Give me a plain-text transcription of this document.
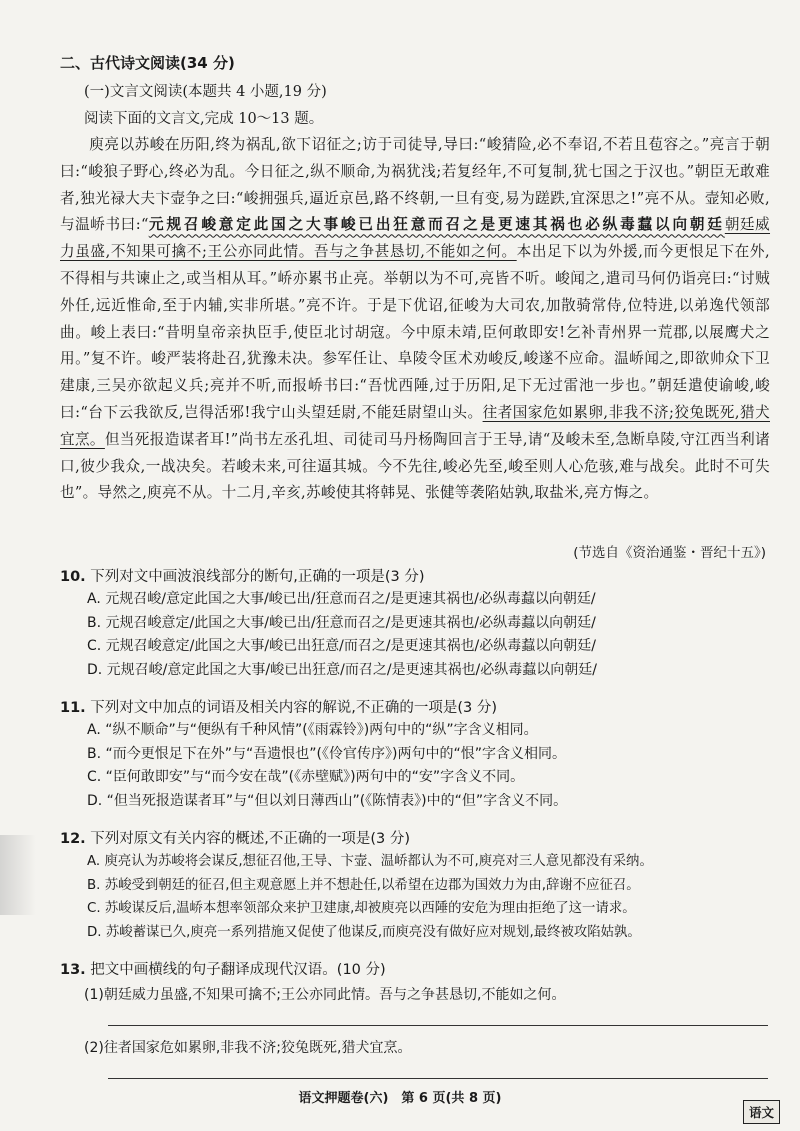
二、古代诗文阅读(34 分)
(一)文言文阅读(本题共 4 小题,19 分)
阅读下面的文言文,完成 10～13 题。

庾亮以苏峻在历阳,终为祸乱,欲下诏征之;访于司徒导,导曰:“峻猜险,必不奉诏,不若且苞容之。”亮言于朝曰:“峻狼子野心,终必为乱。今日征之,纵不顺命,为祸犹浅;若复经年,不可复制,犹七国之于汉也。”朝臣无敢难者,独光禄大夫卞壸争之曰:“峻拥强兵,逼近京邑,路不终朝,一旦有变,易为蹉跌,宜深思之!”亮不从。壸知必败,与温峤书曰:“元规召峻意定此国之大事峻已出狂意而召之是更速其祸也必纵毒蠚以向朝廷朝廷威力虽盛,不知果可擒不;王公亦同此情。吾与之争甚恳切,不能如之何。本出足下以为外援,而今更恨足下在外,不得相与共谏止之,或当相从耳。”峤亦累书止亮。举朝以为不可,亮皆不听。峻闻之,遣司马何仍诣亮曰:“讨贼外任,远近惟命,至于内辅,实非所堪。”亮不许。于是下优诏,征峻为大司农,加散骑常侍,位特进,以弟逸代领部曲。峻上表曰:“昔明皇帝亲执臣手,使臣北讨胡寇。今中原未靖,臣何敢即安!乞补青州界一荒郡,以展鹰犬之用。”复不许。峻严装将赴召,犹豫未决。参军任让、阜陵令匡术劝峻反,峻遂不应命。温峤闻之,即欲帅众下卫建康,三吴亦欲起义兵;亮并不听,而报峤书曰:“吾忧西陲,过于历阳,足下无过雷池一步也。”朝廷遣使谕峻,峻曰:“台下云我欲反,岂得活邪!我宁山头望廷尉,不能廷尉望山头。往者国家危如累卵,非我不济;狡兔既死,猎犬宜烹。但当死报造谋者耳!”尚书左丞孔坦、司徒司马丹杨陶回言于王导,请“及峻未至,急断阜陵,守江西当利诸口,彼少我众,一战决矣。若峻未来,可往逼其城。今不先往,峻必先至,峻至则人心危骇,难与战矣。此时不可失也”。导然之,庾亮不从。十二月,辛亥,苏峻使其将韩晃、张健等袭陷姑孰,取盐米,亮方悔之。

(节选自《资治通鉴・晋纪十五》)
10. 下列对文中画波浪线部分的断句,正确的一项是(3 分)
A. 元规召峻/意定此国之大事/峻已出/狂意而召之/是更速其祸也/必纵毒蠚以向朝廷/
B. 元规召峻意定/此国之大事/峻已出/狂意而召之/是更速其祸也/必纵毒蠚以向朝廷/
C. 元规召峻意定/此国之大事/峻已出狂意/而召之/是更速其祸也/必纵毒蠚以向朝廷/
D. 元规召峻/意定此国之大事/峻已出狂意/而召之/是更速其祸也/必纵毒蠚以向朝廷/
11. 下列对文中加点的词语及相关内容的解说,不正确的一项是(3 分)
A. “纵不顺命”与“便纵有千种风情”(《雨霖铃》)两句中的“纵”字含义相同。
B. “而今更恨足下在外”与“吾遗恨也”(《伶官传序》)两句中的“恨”字含义相同。
C. “臣何敢即安”与“而今安在哉”(《赤壁赋》)两句中的“安”字含义不同。
D. “但当死报造谋者耳”与“但以刘日薄西山”(《陈情表》)中的“但”字含义不同。
12. 下列对原文有关内容的概述,不正确的一项是(3 分)
A. 庾亮认为苏峻将会谋反,想征召他,王导、卞壸、温峤都认为不可,庾亮对三人意见都没有采纳。
B. 苏峻受到朝廷的征召,但主观意愿上并不想赴任,以希望在边郡为国效力为由,辞谢不应征召。
C. 苏峻谋反后,温峤本想率领部众来护卫建康,却被庾亮以西陲的安危为理由拒绝了这一请求。
D. 苏峻蓄谋已久,庾亮一系列措施又促使了他谋反,而庾亮没有做好应对规划,最终被攻陷姑孰。
13. 把文中画横线的句子翻译成现代汉语。(10 分)
(1)朝廷威力虽盛,不知果可擒不;王公亦同此情。吾与之争甚恳切,不能如之何。
(2)往者国家危如累卵,非我不济;狡兔既死,猎犬宜烹。
语文押题卷(六)　第 6 页(共 8 页)
语文
